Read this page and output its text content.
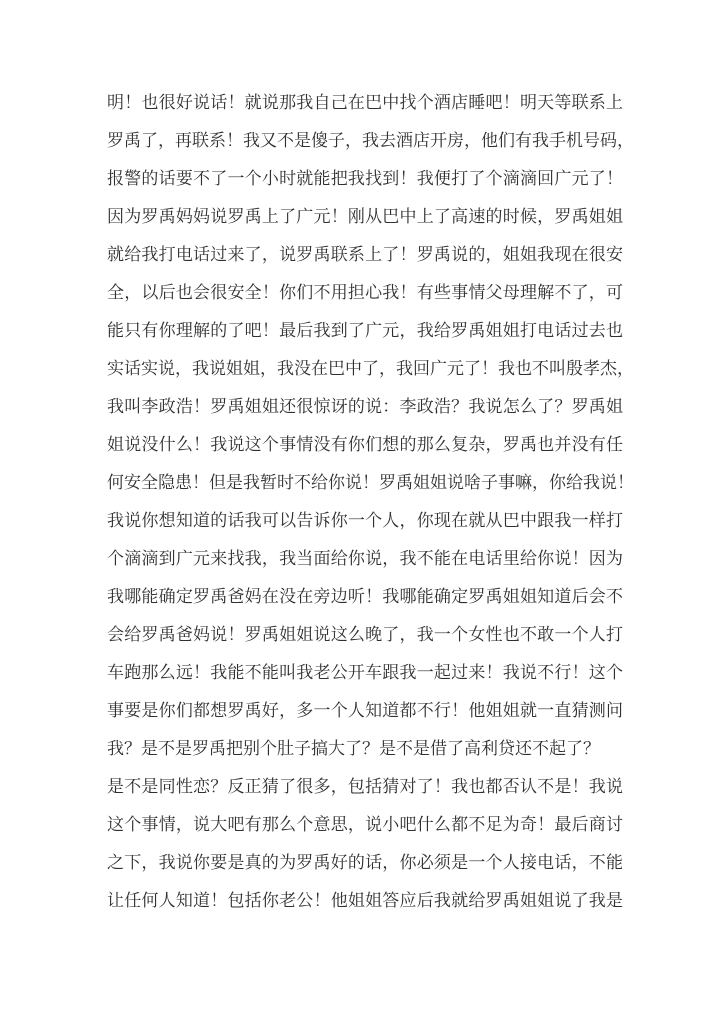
明！也很好说话！就说那我自己在巴中找个酒店睡吧！明天等联系上
罗禹了，再联系！我又不是傻子，我去酒店开房，他们有我手机号码，
报警的话要不了一个小时就能把我找到！我便打了个滴滴回广元了！
因为罗禹妈妈说罗禹上了广元！刚从巴中上了高速的时候，罗禹姐姐
就给我打电话过来了，说罗禹联系上了！罗禹说的，姐姐我现在很安
全，以后也会很安全！你们不用担心我！有些事情父母理解不了，可
能只有你理解的了吧！最后我到了广元，我给罗禹姐姐打电话过去也
实话实说，我说姐姐，我没在巴中了，我回广元了！我也不叫殷孝杰，
我叫李政浩！罗禹姐姐还很惊讶的说：李政浩？我说怎么了？罗禹姐
姐说没什么！我说这个事情没有你们想的那么复杂，罗禹也并没有任
何安全隐患！但是我暂时不给你说！罗禹姐姐说啥子事嘛，你给我说！
我说你想知道的话我可以告诉你一个人，你现在就从巴中跟我一样打
个滴滴到广元来找我，我当面给你说，我不能在电话里给你说！因为
我哪能确定罗禹爸妈在没在旁边听！我哪能确定罗禹姐姐知道后会不
会给罗禹爸妈说！罗禹姐姐说这么晚了，我一个女性也不敢一个人打
车跑那么远！我能不能叫我老公开车跟我一起过来！我说不行！这个
事要是你们都想罗禹好，多一个人知道都不行！他姐姐就一直猜测问
我？是不是罗禹把别个肚子搞大了？是不是借了高利贷还不起了？
是不是同性恋？反正猜了很多，包括猜对了！我也都否认不是！我说
这个事情，说大吧有那么个意思，说小吧什么都不足为奇！最后商讨
之下，我说你要是真的为罗禹好的话，你必须是一个人接电话，不能
让任何人知道！包括你老公！他姐姐答应后我就给罗禹姐姐说了我是
